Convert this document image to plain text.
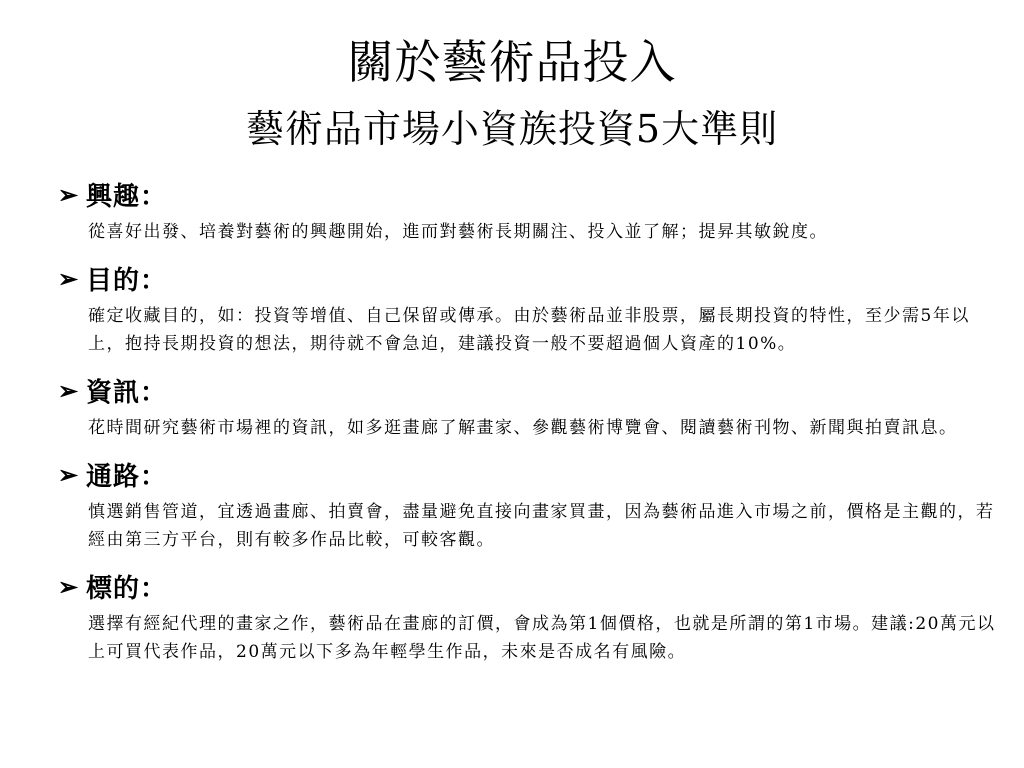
關於藝術品投入
藝術品市場小資族投資5大準則
➢ 興趣：
從喜好出發、培養對藝術的興趣開始，進而對藝術長期關注、投入並了解；提昇其敏銳度。
➢ 目的：
確定收藏目的，如：投資等增值、自己保留或傳承。由於藝術品並非股票，屬長期投資的特性，至少需5年以上，抱持長期投資的想法，期待就不會急迫，建議投資一般不要超過個人資產的10%。
➢ 資訊：
花時間研究藝術市場裡的資訊，如多逛畫廊了解畫家、參觀藝術博覽會、閱讀藝術刊物、新聞與拍賣訊息。
➢ 通路：
慎選銷售管道，宜透過畫廊、拍賣會，盡量避免直接向畫家買畫，因為藝術品進入市場之前，價格是主觀的，若經由第三方平台，則有較多作品比較，可較客觀。
➢ 標的：
選擇有經紀代理的畫家之作，藝術品在畫廊的訂價，會成為第1個價格，也就是所謂的第1市場。建議:20萬元以上可買代表作品，20萬元以下多為年輕學生作品，未來是否成名有風險。
